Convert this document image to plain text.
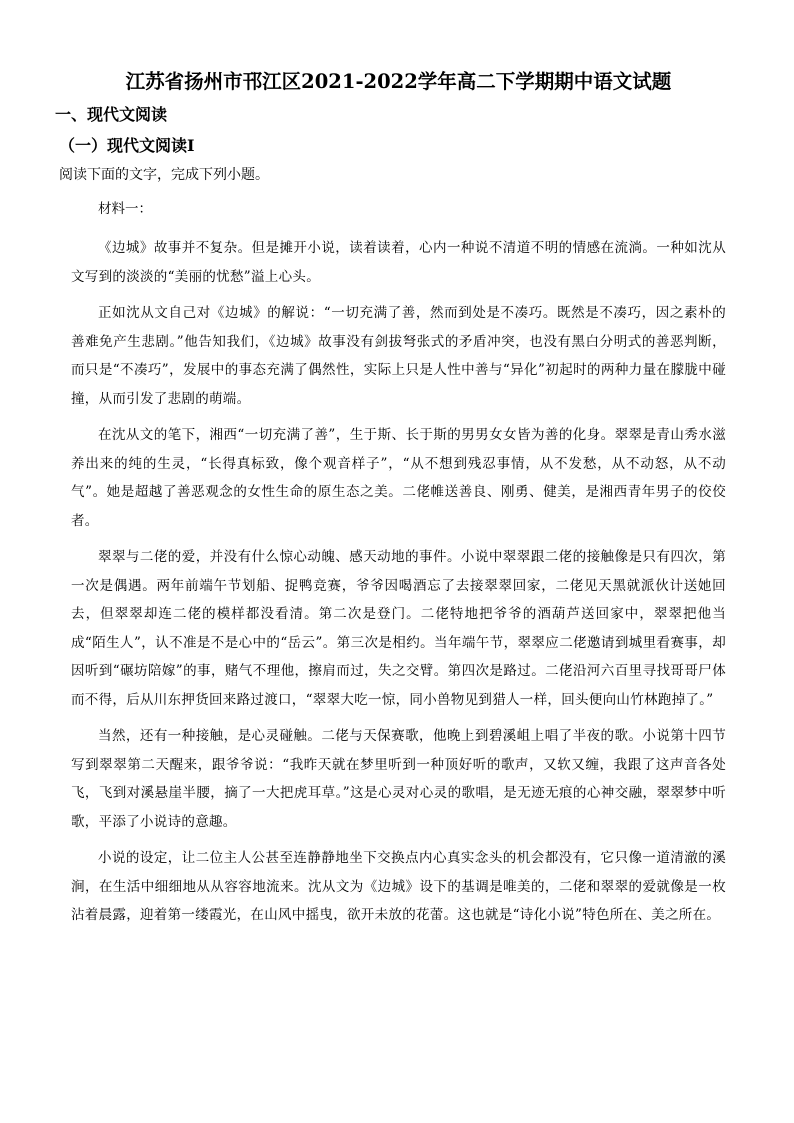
江苏省扬州市邗江区2021-2022学年高二下学期期中语文试题
一、现代文阅读
（一）现代文阅读I
阅读下面的文字，完成下列小题。
材料一：

《边城》故事并不复杂。但是摊开小说，读着读着，心内一种说不清道不明的情感在流淌。一种如沈从文写到的淡淡的“美丽的忧愁”溢上心头。

正如沈从文自己对《边城》的解说：“一切充满了善，然而到处是不凑巧。既然是不凑巧，因之素朴的善难免产生悲剧。”他告知我们，《边城》故事没有剑拔弩张式的矛盾冲突，也没有黑白分明式的善恶判断，而只是“不凑巧”，发展中的事态充满了偶然性，实际上只是人性中善与“异化”初起时的两种力量在朦胧中碰撞，从而引发了悲剧的萌端。

在沈从文的笔下，湘西“一切充满了善”，生于斯、长于斯的男男女女皆为善的化身。翠翠是青山秀水滋养出来的纯的生灵，“长得真标致，像个观音样子”，“从不想到残忍事情，从不发愁，从不动怒，从不动气”。她是超越了善恶观念的女性生命的原生态之美。二佬帷送善良、刚勇、健美，是湘西青年男子的佼佼者。

翠翠与二佬的爱，并没有什么惊心动魄、感天动地的事件。小说中翠翠跟二佬的接触像是只有四次，第一次是偶遇。两年前端午节划船、捉鸭竞赛，爷爷因喝酒忘了去接翠翠回家，二佬见天黑就派伙计送她回去，但翠翠却连二佬的模样都没看清。第二次是登门。二佬特地把爷爷的酒葫芦送回家中，翠翠把他当成“陌生人”，认不准是不是心中的“岳云”。第三次是相约。当年端午节，翠翠应二佬邀请到城里看赛事，却因听到“碾坊陪嫁”的事，赌气不理他，擦肩而过，失之交臂。第四次是路过。二佬沿河六百里寻找哥哥尸体而不得，后从川东押货回来路过渡口，“翠翠大吃一惊，同小兽物见到猎人一样，回头便向山竹林跑掉了。”

当然，还有一种接触，是心灵碰触。二佬与天保赛歌，他晚上到碧溪岨上唱了半夜的歌。小说第十四节写到翠翠第二天醒来，跟爷爷说：“我昨天就在梦里听到一种顶好听的歌声，又软又缠，我跟了这声音各处飞，飞到对溪悬崖半腰，摘了一大把虎耳草。”这是心灵对心灵的歌唱，是无迹无痕的心神交融，翠翠梦中听歌，平添了小说诗的意趣。

小说的设定，让二位主人公甚至连静静地坐下交换点内心真实念头的机会都没有，它只像一道清澈的溪涧，在生活中细细地从从容容地流来。沈从文为《边城》设下的基调是唯美的，二佬和翠翠的爱就像是一枚沾着晨露，迎着第一缕霞光，在山风中摇曳，欲开未放的花蕾。这也就是“诗化小说”特色所在、美之所在。
